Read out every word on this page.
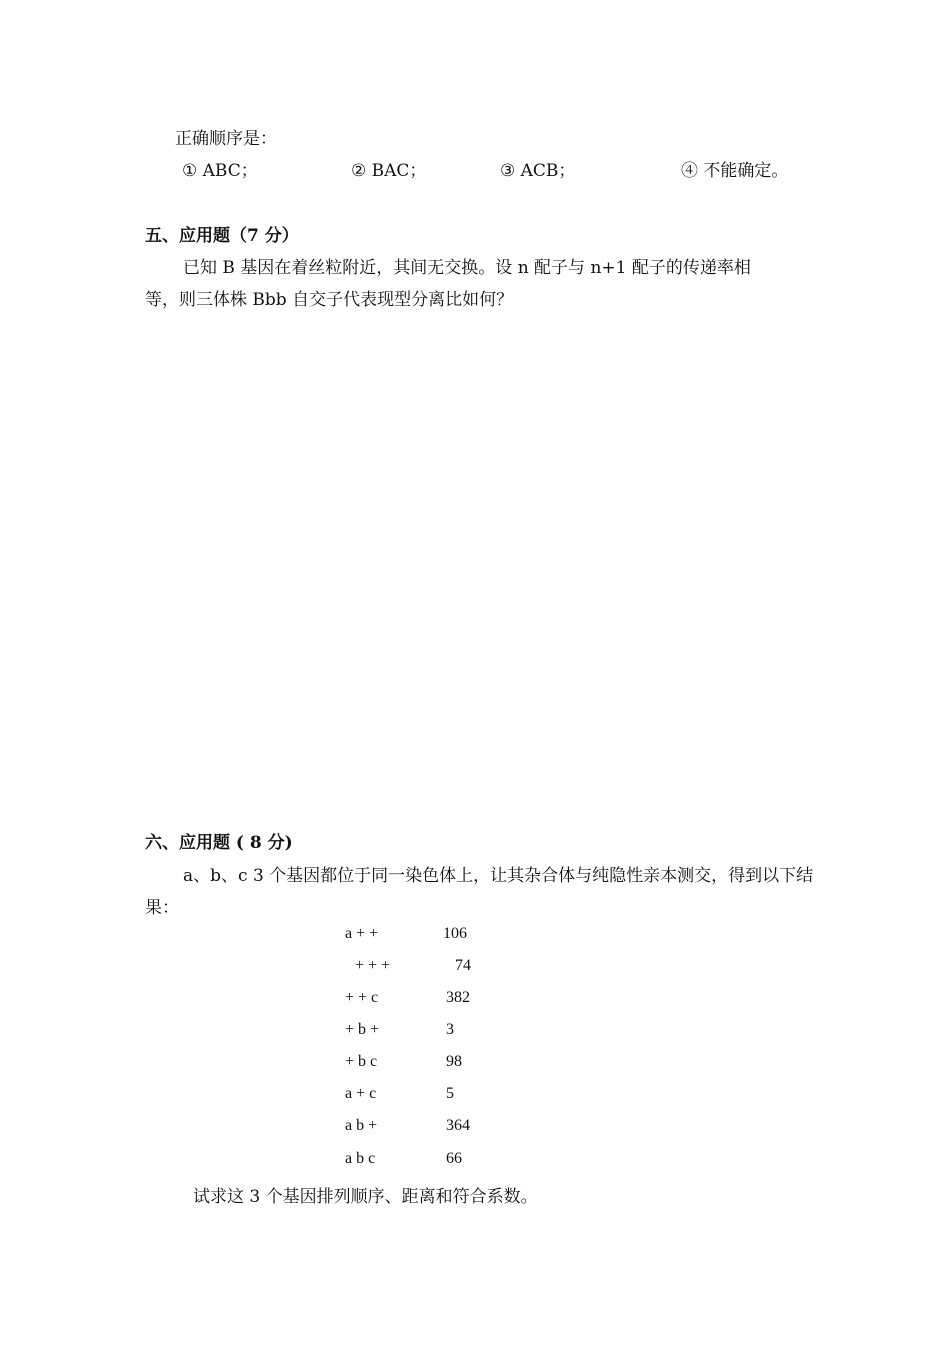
正确顺序是：
① ABC；	② BAC；	③ ACB；	④ 不能确定。
五、应用题（7 分）
已知 B 基因在着丝粒附近，其间无交换。设 n 配子与 n+1 配子的传递率相
等，则三体株 Bbb 自交子代表现型分离比如何？
六、应用题 ( 8 分)
a、b、c 3 个基因都位于同一染色体上，让其杂合体与纯隐性亲本测交，得到以下结
果：
a + +	106
+ + +	74
+ + c	382
+ b +	3
+ b c	98
a + c	5
a b +	364
a b c	66
试求这 3 个基因排列顺序、距离和符合系数。
